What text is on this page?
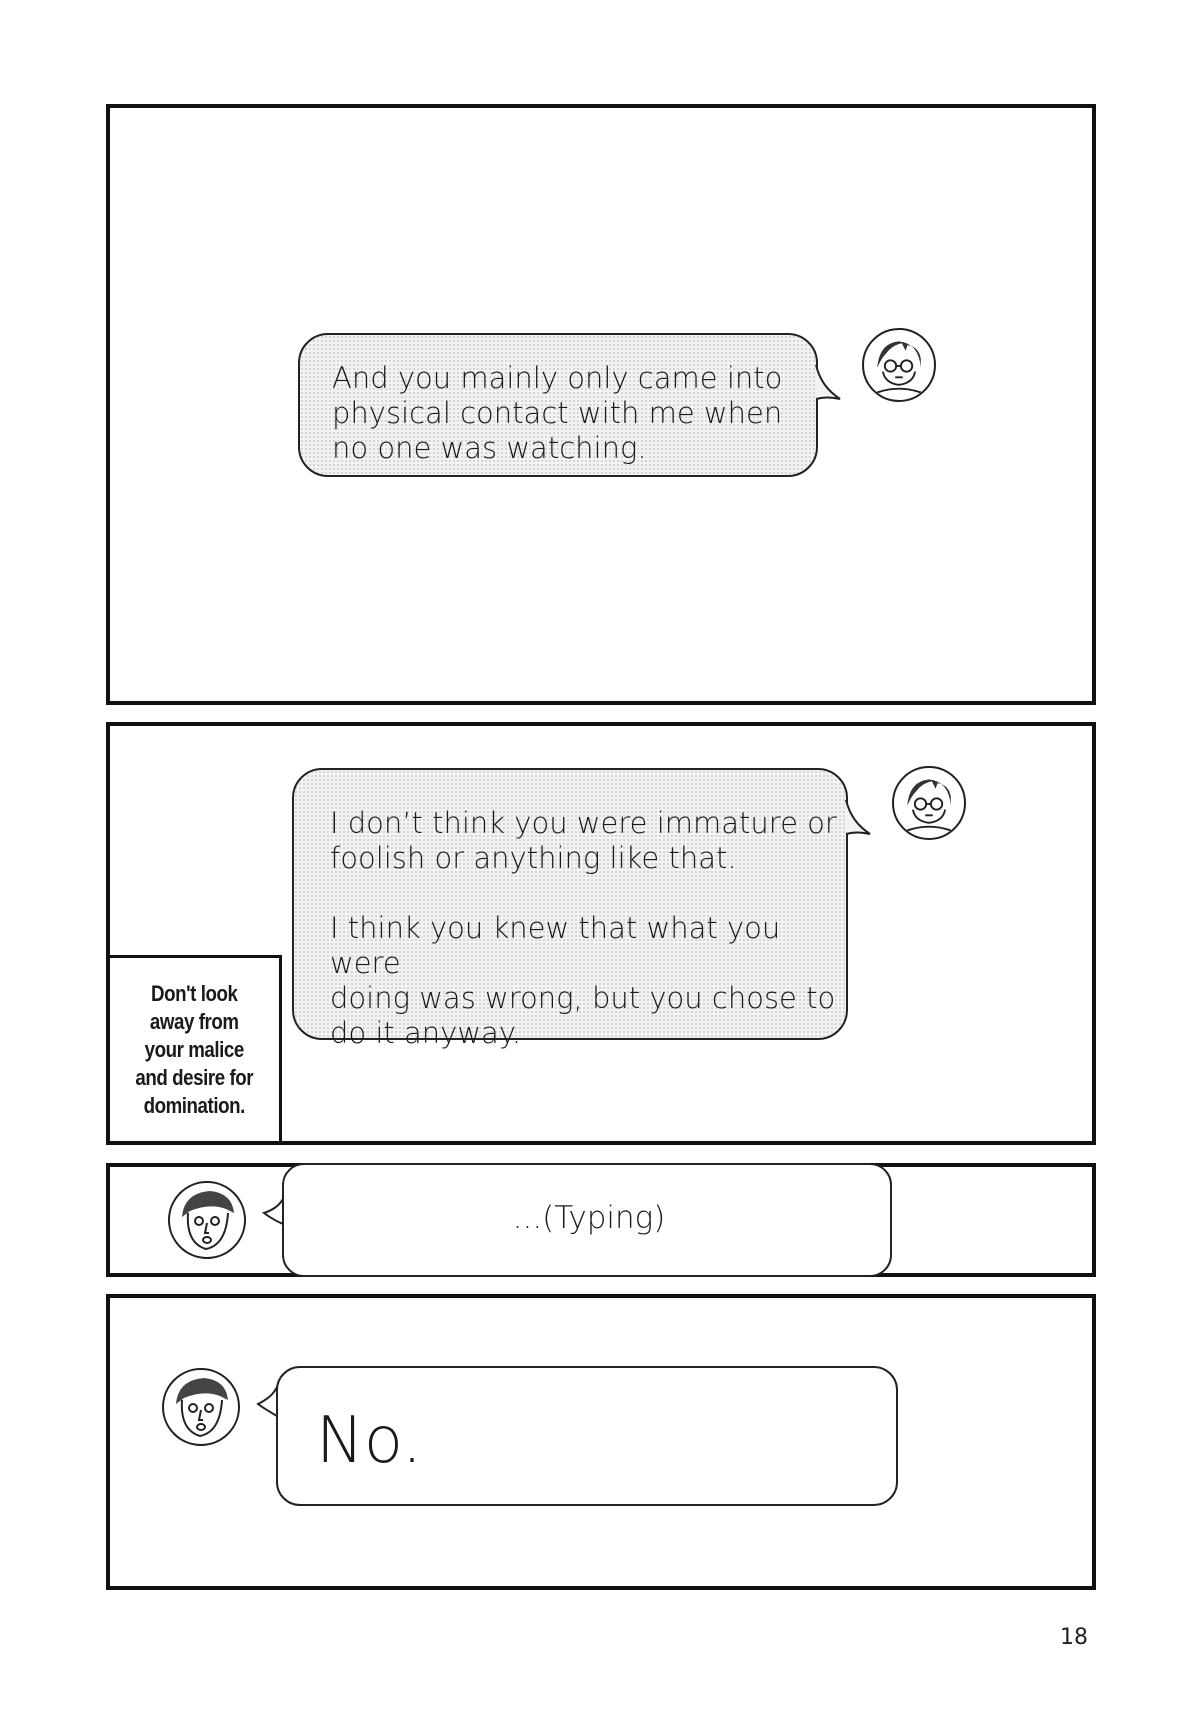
And you mainly only came into
physical contact with me when
no one was watching.
I don’t think you were immature or
foolish or anything like that.

I think you knew that what you were
doing was wrong, but you chose to
do it anyway.
Don't look
away from
your malice
and desire for
domination.
...(Typing)
No.
18
